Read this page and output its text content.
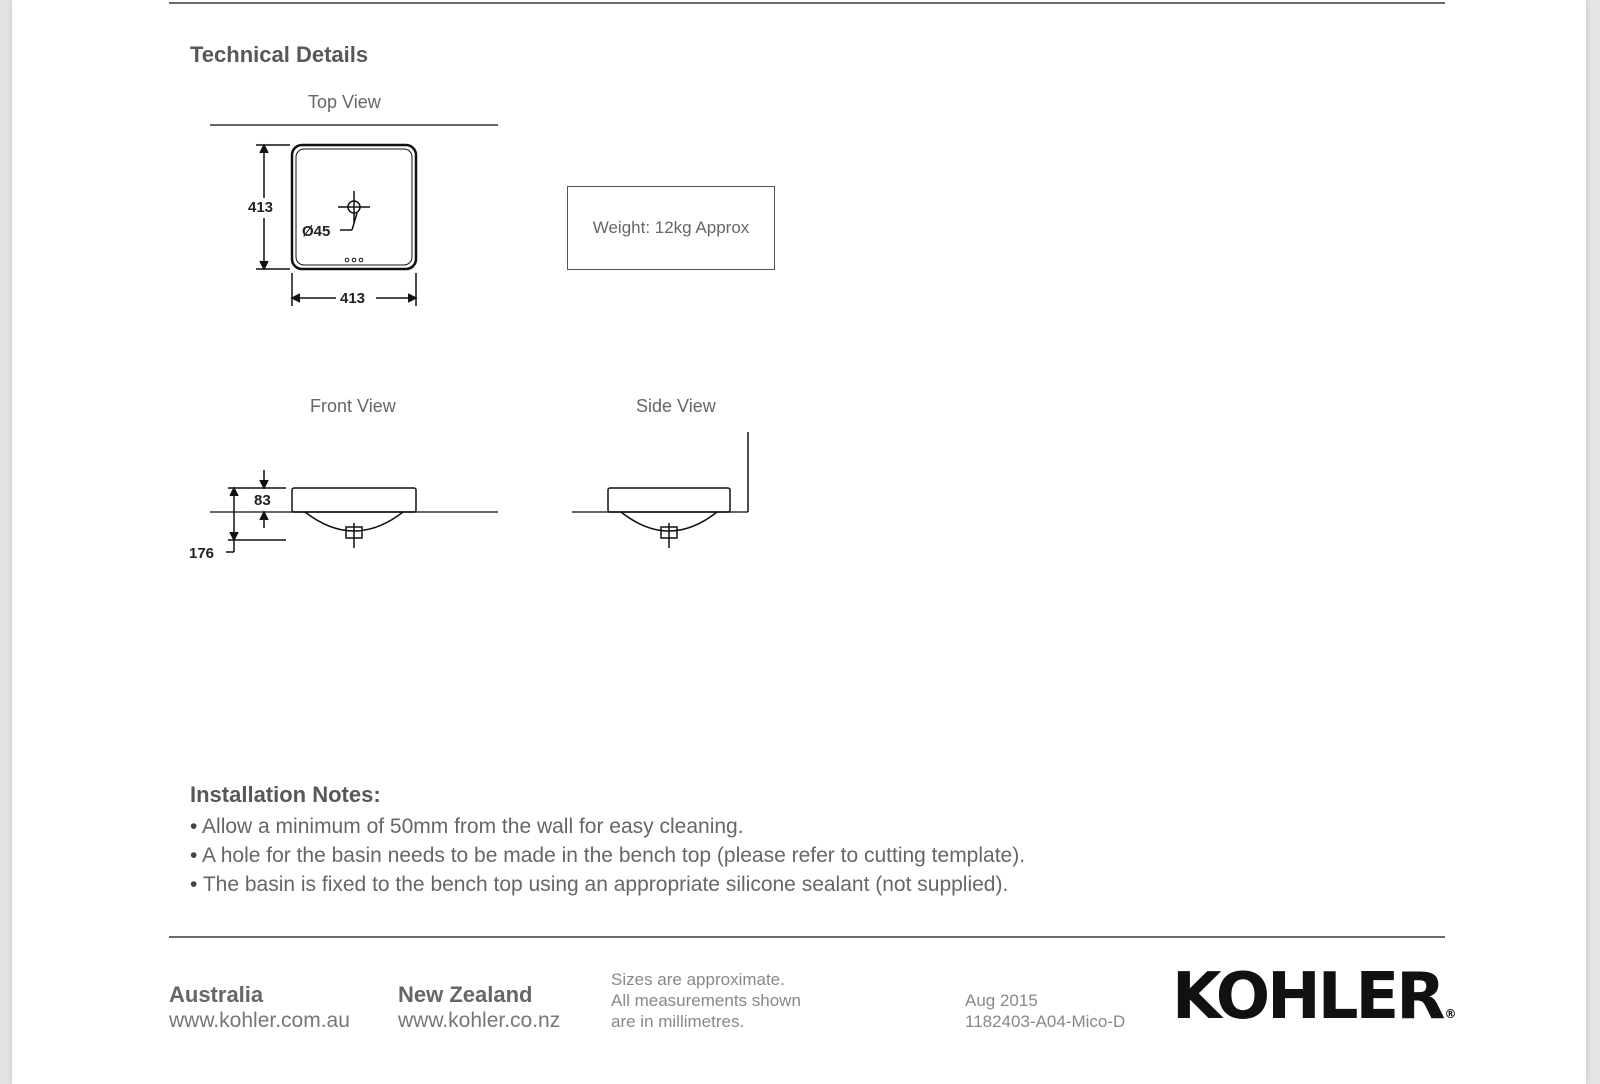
Technical Details
Top View
Front View	Side View
413
413
Ø45
83
176
Weight: 12kg Approx
Installation Notes:
• Allow a minimum of 50mm from the wall for easy cleaning.
• A hole for the basin needs to be made in the bench top (please refer to cutting template).
• The basin is fixed to the bench top using an appropriate silicone sealant (not supplied).
Australia
www.kohler.com.au
New Zealand
www.kohler.co.nz
Sizes are approximate.
All measurements shown
are in millimetres.
Aug 2015
1182403-A04-Mico-D KOHLER ®
